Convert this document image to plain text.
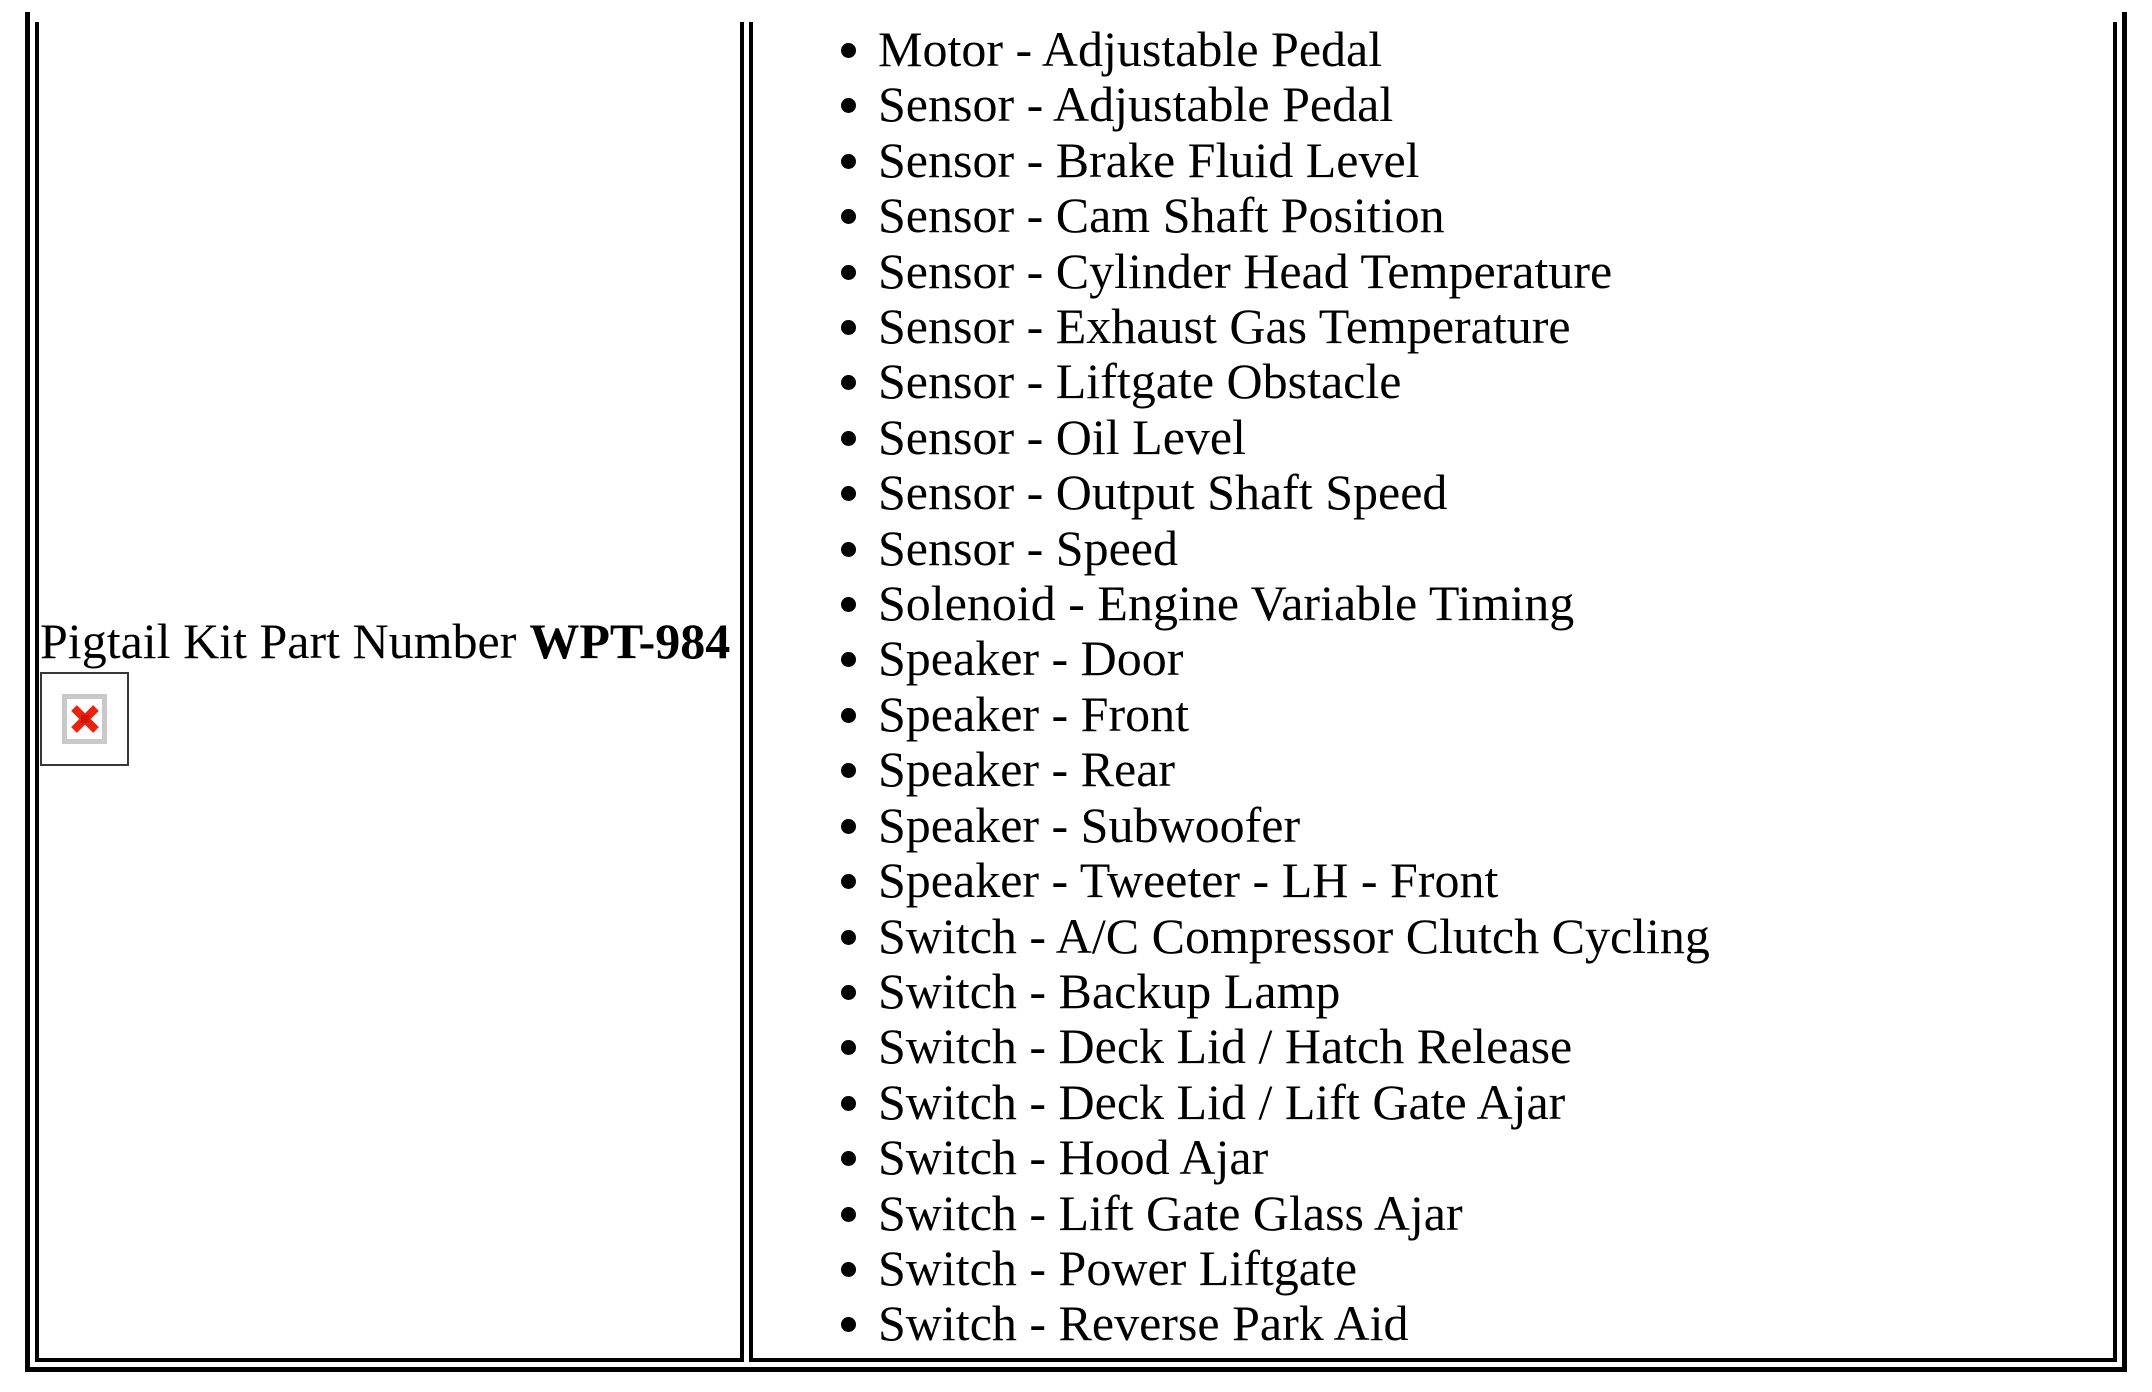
Pigtail Kit Part Number WPT-984
• Motor - Adjustable Pedal
• Sensor - Adjustable Pedal
• Sensor - Brake Fluid Level
• Sensor - Cam Shaft Position
• Sensor - Cylinder Head Temperature
• Sensor - Exhaust Gas Temperature
• Sensor - Liftgate Obstacle
• Sensor - Oil Level
• Sensor - Output Shaft Speed
• Sensor - Speed
• Solenoid - Engine Variable Timing
• Speaker - Door
• Speaker - Front
• Speaker - Rear
• Speaker - Subwoofer
• Speaker - Tweeter - LH - Front
• Switch - A/C Compressor Clutch Cycling
• Switch - Backup Lamp
• Switch - Deck Lid / Hatch Release
• Switch - Deck Lid / Lift Gate Ajar
• Switch - Hood Ajar
• Switch - Lift Gate Glass Ajar
• Switch - Power Liftgate
• Switch - Reverse Park Aid
